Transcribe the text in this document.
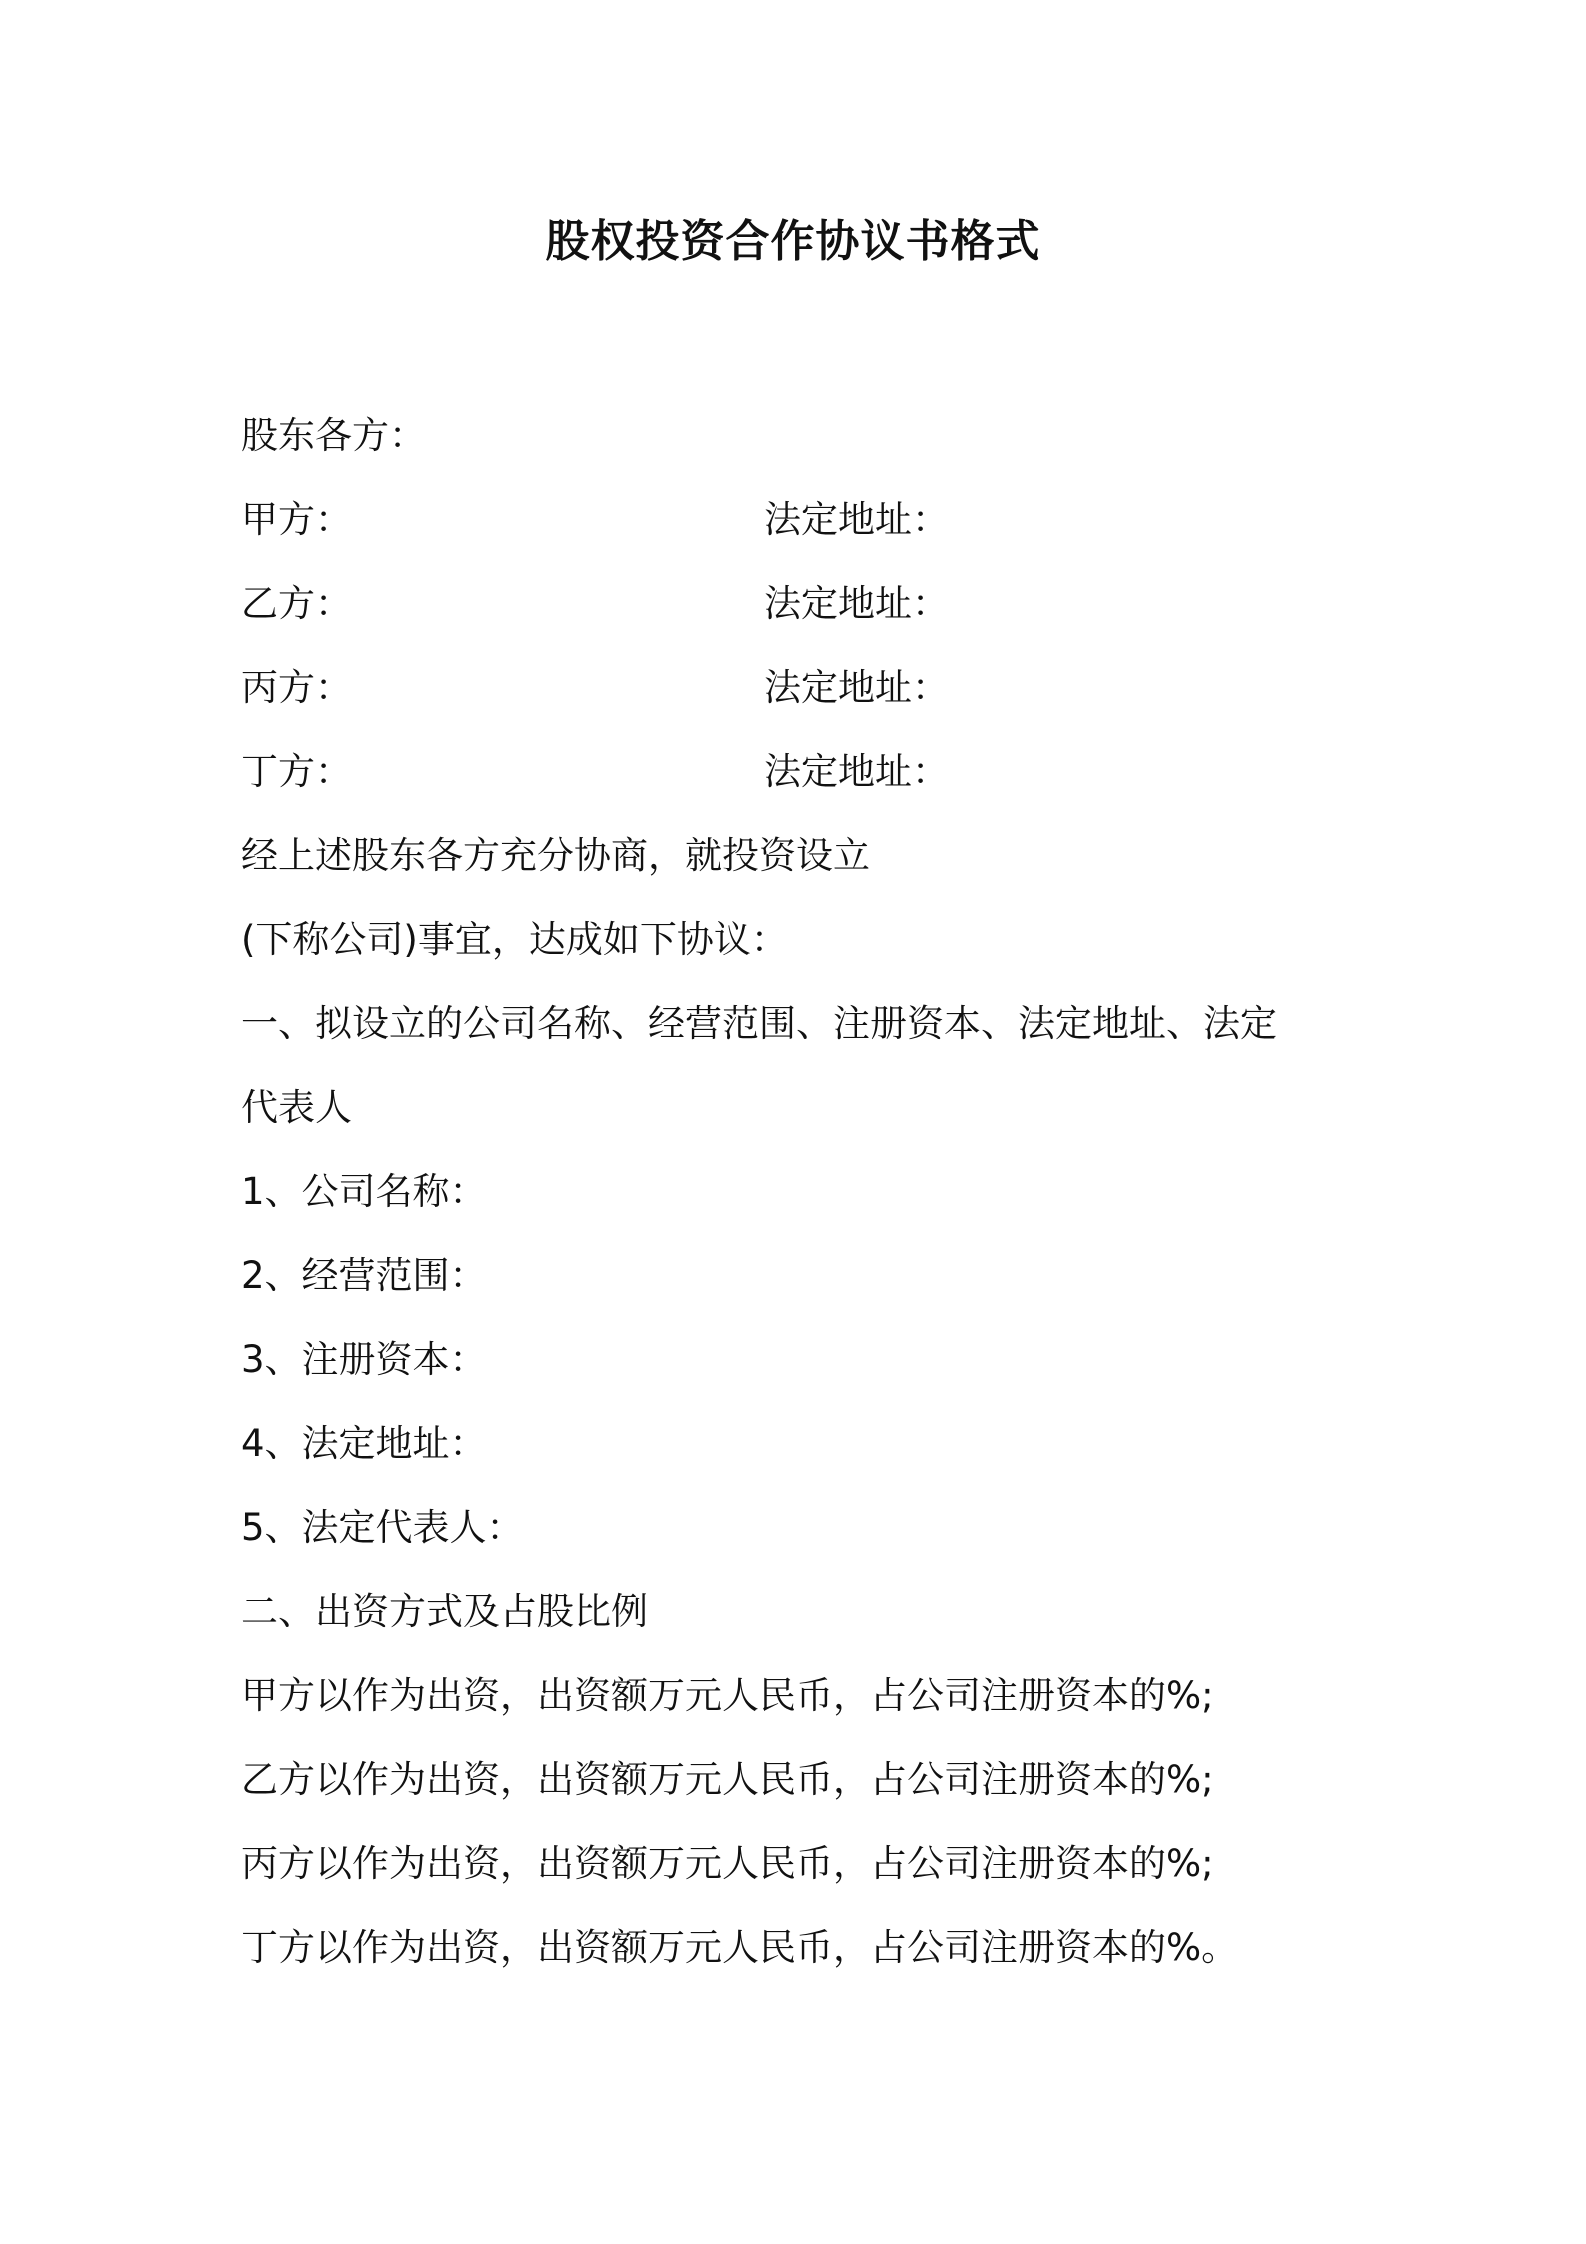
股权投资合作协议书格式
股东各方：
甲方：	法定地址：
乙方：	法定地址：
丙方：	法定地址：
丁方：	法定地址：
经上述股东各方充分协商，就投资设立
(下称公司)事宜，达成如下协议：
一、拟设立的公司名称、经营范围、注册资本、法定地址、法定
代表人
1、公司名称：
2、经营范围：
3、注册资本：
4、法定地址：
5、法定代表人：
二、出资方式及占股比例
甲方以作为出资，出资额万元人民币，占公司注册资本的%;
乙方以作为出资，出资额万元人民币，占公司注册资本的%;
丙方以作为出资，出资额万元人民币，占公司注册资本的%;
丁方以作为出资，出资额万元人民币，占公司注册资本的%。
